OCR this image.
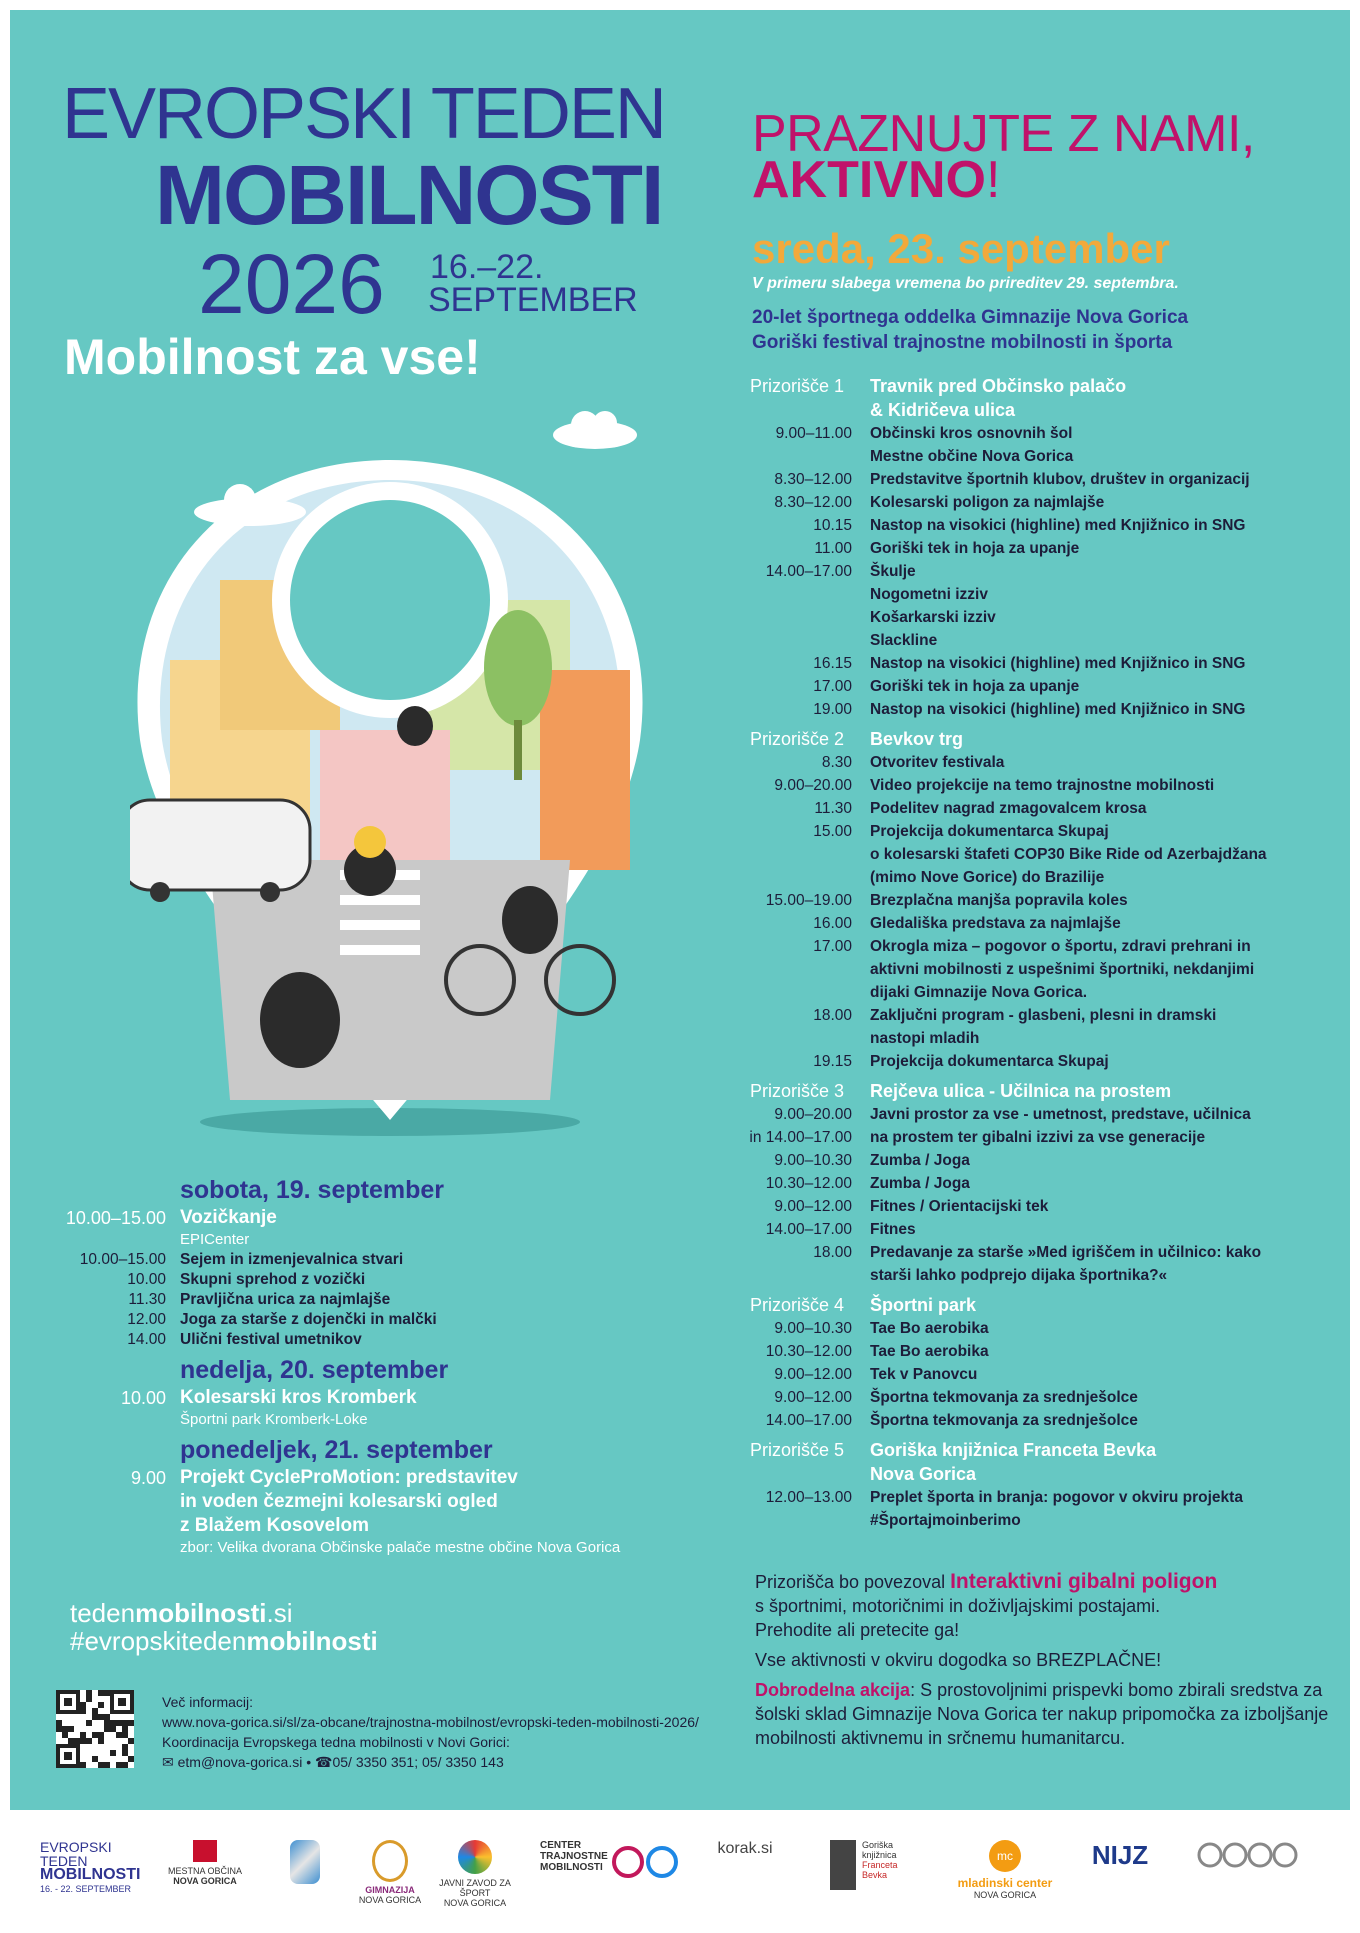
EVROPSKI TEDEN
MOBILNOSTI
2026 16.–22.
SEPTEMBER
Mobilnost za vse!
PRAZNUJTE Z NAMI,
AKTIVNO!
sreda, 23. september
V primeru slabega vremena bo prireditev 29. septembra.
20-let športnega oddelka Gimnazije Nova Gorica
Goriški festival trajnostne mobilnosti in športa
Prizorišče 1 Travnik pred Občinsko palačo
& Kidričeva ulica
9.00–11.00 Občinski kros osnovnih šol
Mestne občine Nova Gorica
8.30–12.00 Predstavitve športnih klubov, društev in organizacij
8.30–12.00 Kolesarski poligon za najmlajše
10.15 Nastop na visokici (highline) med Knjižnico in SNG
11.00 Goriški tek in hoja za upanje
14.00–17.00 Škulje
Nogometni izziv
Košarkarski izziv
Slackline
16.15 Nastop na visokici (highline) med Knjižnico in SNG
17.00 Goriški tek in hoja za upanje
19.00 Nastop na visokici (highline) med Knjižnico in SNG
Prizorišče 2 Bevkov trg
8.30 Otvoritev festivala
9.00–20.00 Video projekcije na temo trajnostne mobilnosti
11.30 Podelitev nagrad zmagovalcem krosa
15.00 Projekcija dokumentarca Skupaj
o kolesarski štafeti COP30 Bike Ride od Azerbajdžana
(mimo Nove Gorice) do Brazilije
15.00–19.00 Brezplačna manjša popravila koles
16.00 Gledališka predstava za najmlajše
17.00 Okrogla miza – pogovor o športu, zdravi prehrani in
aktivni mobilnosti z uspešnimi športniki, nekdanjimi
dijaki Gimnazije Nova Gorica.
18.00 Zaključni program - glasbeni, plesni in dramski
nastopi mladih
19.15 Projekcija dokumentarca Skupaj
Prizorišče 3 Rejčeva ulica - Učilnica na prostem
9.00–20.00 Javni prostor za vse - umetnost, predstave, učilnica
in 14.00–17.00 na prostem ter gibalni izzivi za vse generacije
9.00–10.30 Zumba / Joga
10.30–12.00 Zumba / Joga
9.00–12.00 Fitnes / Orientacijski tek
14.00–17.00 Fitnes
18.00 Predavanje za starše »Med igriščem in učilnico: kako
starši lahko podprejo dijaka športnika?«
Prizorišče 4 Športni park
9.00–10.30 Tae Bo aerobika
10.30–12.00 Tae Bo aerobika
9.00–12.00 Tek v Panovcu
9.00–12.00 Športna tekmovanja za srednješolce
14.00–17.00 Športna tekmovanja za srednješolce
Prizorišče 5 Goriška knjižnica Franceta Bevka
Nova Gorica
12.00–13.00 Preplet športa in branja: pogovor v okviru projekta
#Športajmoinberimo
sobota, 19. september
10.00–15.00 Vozičkanje
EPICenter
10.00–15.00 Sejem in izmenjevalnica stvari
10.00 Skupni sprehod z vozički
11.30 Pravljična urica za najmlajše
12.00 Joga za starše z dojenčki in malčki
14.00 Ulični festival umetnikov
nedelja, 20. september
10.00 Kolesarski kros Kromberk
Športni park Kromberk-Loke
ponedeljek, 21. september
9.00 Projekt CycleProMotion: predstavitev
in voden čezmejni kolesarski ogled
z Blažem Kosovelom
zbor: Velika dvorana Občinske palače mestne občine Nova Gorica
tedenmobilnosti.si
#evropskitedenmobilnosti
Več informacij:
www.nova-gorica.si/sl/za-obcane/trajnostna-mobilnost/evropski-teden-mobilnosti-2026/
Koordinacija Evropskega tedna mobilnosti v Novi Gorici:
✉ etm@nova-gorica.si • ☎05/ 3350 351; 05/ 3350 143
Prizorišča bo povezoval Interaktivni gibalni poligon
s športnimi, motoričnimi in doživljajskimi postajami.
Prehodite ali pretecite ga!
Vse aktivnosti v okviru dogodka so BREZPLAČNE!
Dobrodelna akcija: S prostovoljnimi prispevki bomo zbirali sredstva za šolski sklad Gimnazije Nova Gorica ter nakup pripomočka za izboljšanje mobilnosti aktivnemu in srčnemu humanitarcu.
EVROPSKI
TEDEN
MOBILNOSTI
16. - 22. SEPTEMBER
MESTNA OBČINA
NOVA GORICA
GIMNAZIJA
NOVA GORICA
JAVNI ZAVOD ZA ŠPORT
NOVA GORICA
CENTER
TRAJNOSTNE
MOBILNOSTI
korak.si	Goriška
knjižnica
Franceta
Bevka
mc
mladinski center
NOVA GORICA
NIJZ
